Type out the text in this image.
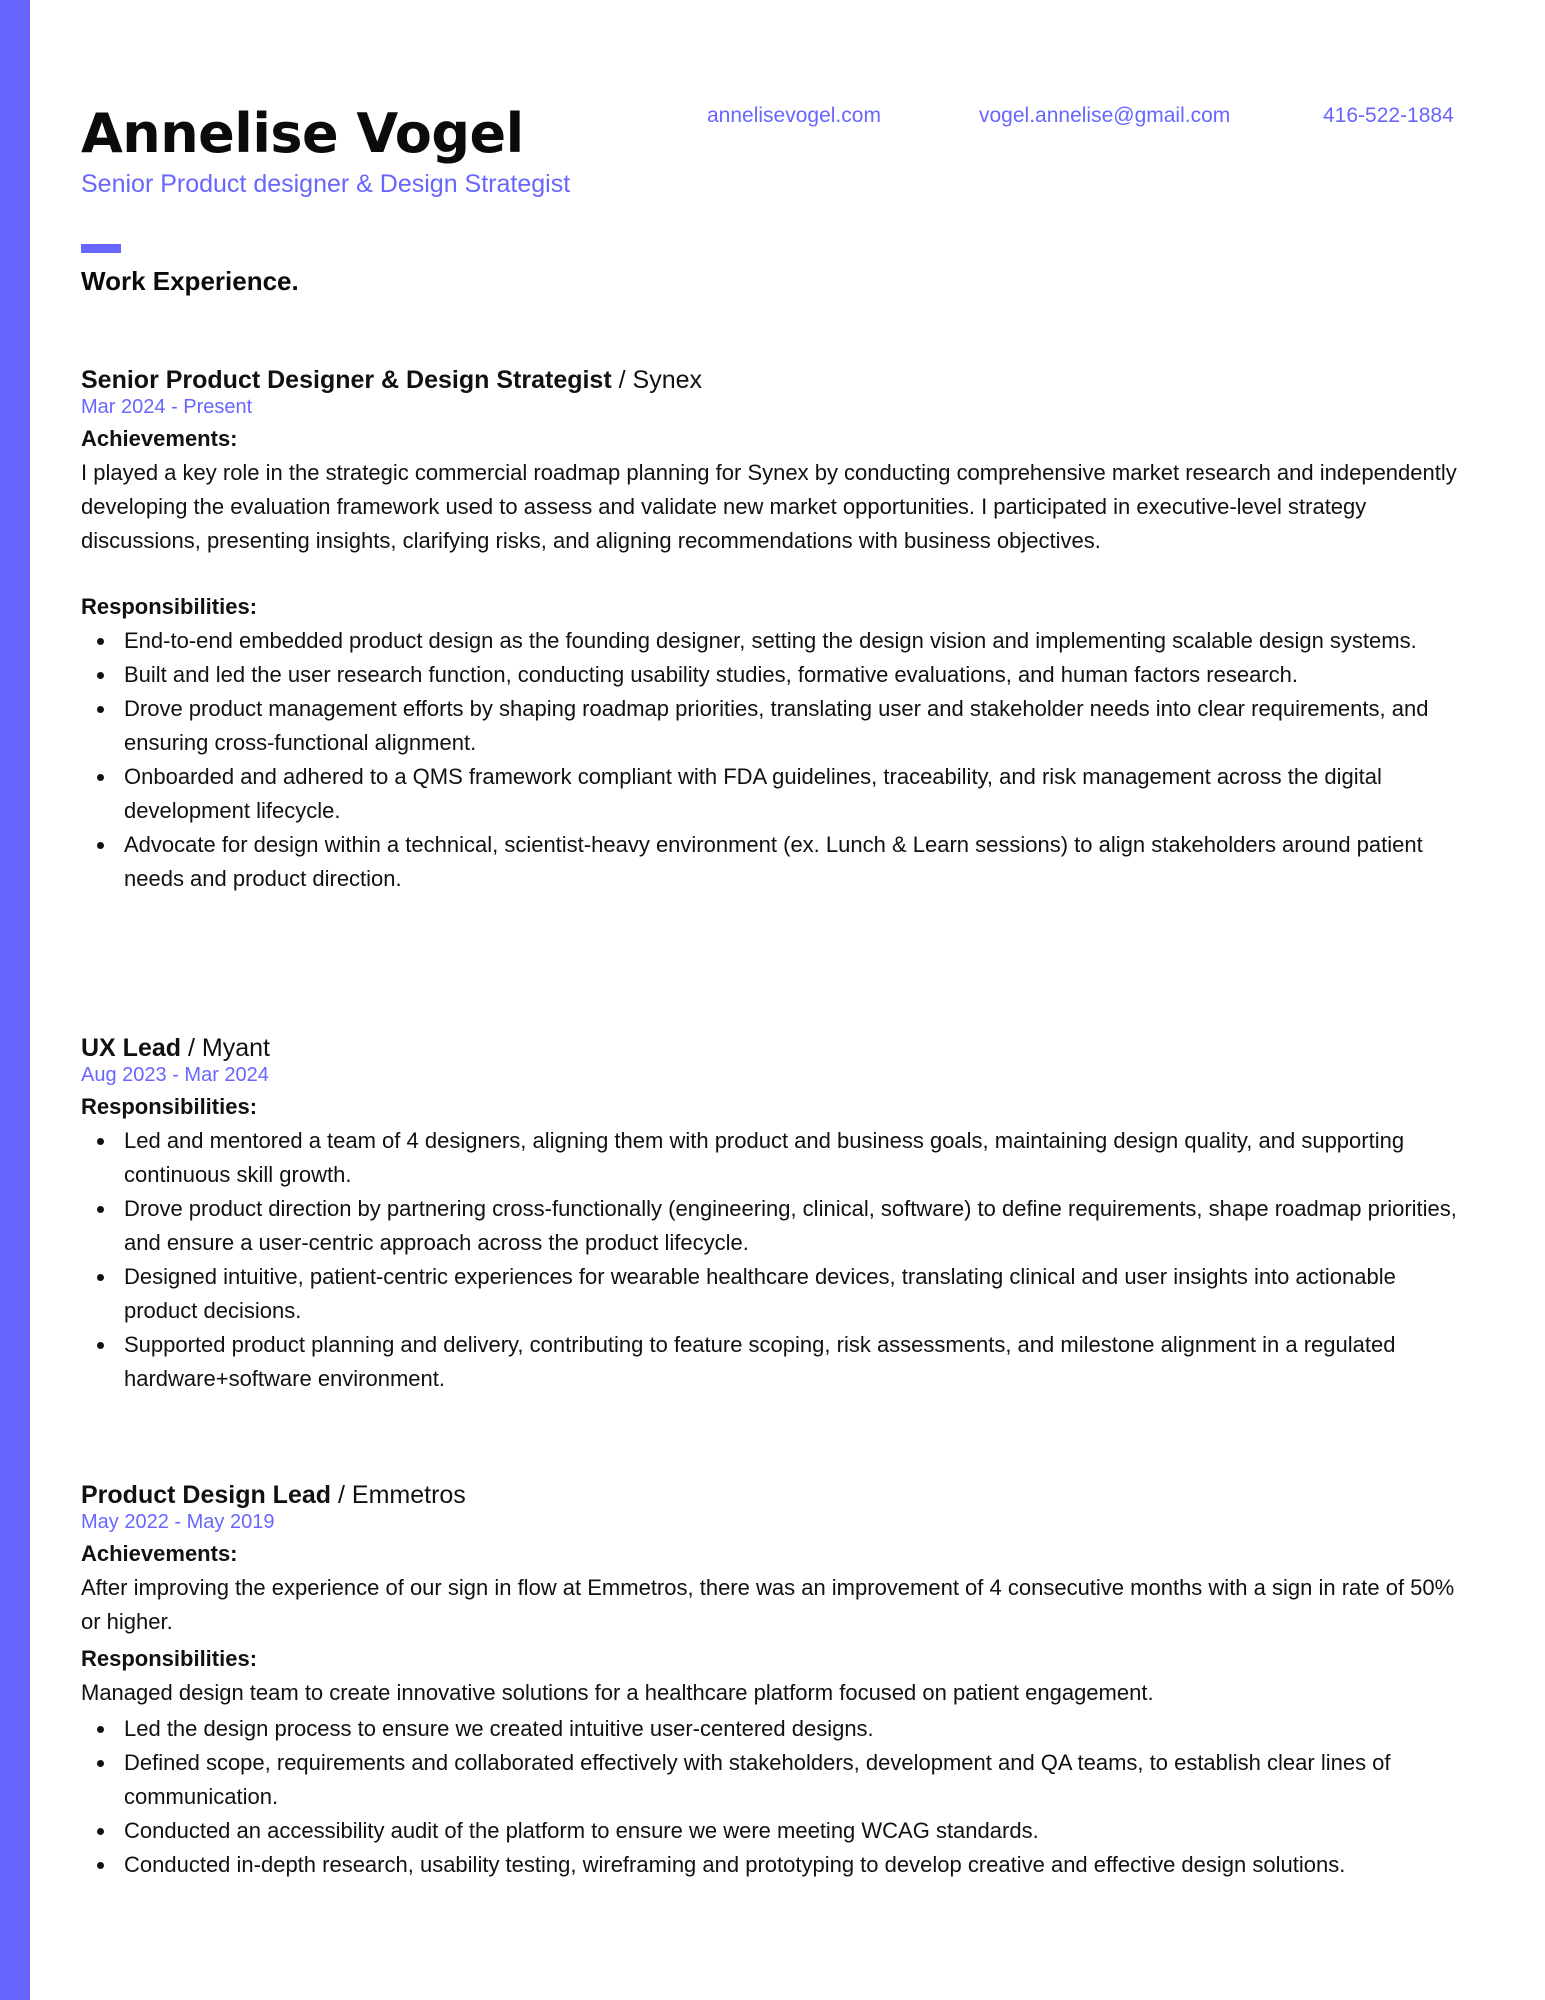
Annelise Vogel
Senior Product designer & Design Strategist
annelisevogel.com	vogel.annelise@gmail.com	416-522-1884
Work Experience.
Senior Product Designer & Design Strategist / Synex
Mar 2024 - Present
Achievements:

I played a key role in the strategic commercial roadmap planning for Synex by conducting comprehensive market research and independently developing the evaluation framework used to assess and validate new market opportunities. I participated in executive-level strategy discussions, presenting insights, clarifying risks, and aligning recommendations with business objectives.

Responsibilities:
End-to-end embedded product design as the founding designer, setting the design vision and implementing scalable design systems.
Built and led the user research function, conducting usability studies, formative evaluations, and human factors research.
Drove product management efforts by shaping roadmap priorities, translating user and stakeholder needs into clear requirements, and ensuring cross-functional alignment.
Onboarded and adhered to a QMS framework compliant with FDA guidelines, traceability, and risk management across the digital development lifecycle.
Advocate for design within a technical, scientist-heavy environment (ex. Lunch & Learn sessions) to align stakeholders around patient needs and product direction.
UX Lead / Myant
Aug 2023 - Mar 2024
Responsibilities:
Led and mentored a team of 4 designers, aligning them with product and business goals, maintaining design quality, and supporting continuous skill growth.
Drove product direction by partnering cross-functionally (engineering, clinical, software) to define requirements, shape roadmap priorities, and ensure a user-centric approach across the product lifecycle.
Designed intuitive, patient-centric experiences for wearable healthcare devices, translating clinical and user insights into actionable product decisions.
Supported product planning and delivery, contributing to feature scoping, risk assessments, and milestone alignment in a regulated hardware+software environment.
Product Design Lead / Emmetros
May 2022 - May 2019
Achievements:

After improving the experience of our sign in flow at Emmetros, there was an improvement of 4 consecutive months with a sign in rate of 50% or higher.

Responsibilities:

Managed design team to create innovative solutions for a healthcare platform focused on patient engagement.

Led the design process to ensure we created intuitive user-centered designs.
Defined scope, requirements and collaborated effectively with stakeholders, development and QA teams, to establish clear lines of communication.
Conducted an accessibility audit of the platform to ensure we were meeting WCAG standards.
Conducted in-depth research, usability testing, wireframing and prototyping to develop creative and effective design solutions.
